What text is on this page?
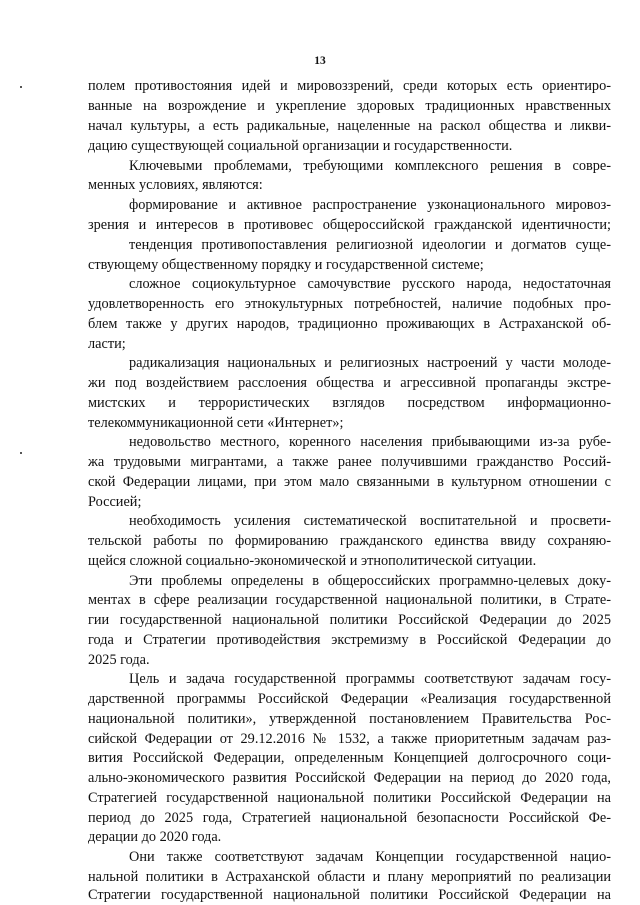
13
полем противостояния идей и мировоззрений, среди которых есть ориентиро-
ванные на возрождение и укрепление здоровых традиционных нравственных
начал культуры, а есть радикальные, нацеленные на раскол общества и ликви-
дацию существующей социальной организации и государственности.
Ключевыми проблемами, требующими комплексного решения в совре-
менных условиях, являются:
формирование и активное распространение узконационального мировоз-
зрения и интересов в противовес общероссийской гражданской идентичности;
тенденция противопоставления религиозной идеологии и догматов суще-
ствующему общественному порядку и государственной системе;
сложное социокультурное самочувствие русского народа, недостаточная
удовлетворенность его этнокультурных потребностей, наличие подобных про-
блем также у других народов, традиционно проживающих в Астраханской об-
ласти;
радикализация национальных и религиозных настроений у части молоде-
жи под воздействием расслоения общества и агрессивной пропаганды экстре-
мистских и террористических взглядов посредством информационно-
телекоммуникационной сети «Интернет»;
недовольство местного, коренного населения прибывающими из-за рубе-
жа трудовыми мигрантами, а также ранее получившими гражданство Россий-
ской Федерации лицами, при этом мало связанными в культурном отношении с
Россией;
необходимость усиления систематической воспитательной и просвети-
тельской работы по формированию гражданского единства ввиду сохраняю-
щейся сложной социально-экономической и этнополитической ситуации.
Эти проблемы определены в общероссийских программно-целевых доку-
ментах в сфере реализации государственной национальной политики, в Страте-
гии государственной национальной политики Российской Федерации до 2025
года и Стратегии противодействия экстремизму в Российской Федерации до
2025 года.
Цель и задача государственной программы соответствуют задачам госу-
дарственной программы Российской Федерации «Реализация государственной
национальной политики», утвержденной постановлением Правительства Рос-
сийской Федерации от 29.12.2016 № 1532, а также приоритетным задачам раз-
вития Российской Федерации, определенным Концепцией долгосрочного соци-
ально-экономического развития Российской Федерации на период до 2020 года,
Стратегией государственной национальной политики Российской Федерации на
период до 2025 года, Стратегией национальной безопасности Российской Фе-
дерации до 2020 года.
Они также соответствуют задачам Концепции государственной нацио-
нальной политики в Астраханской области и плану мероприятий по реализации
Стратегии государственной национальной политики Российской Федерации на
